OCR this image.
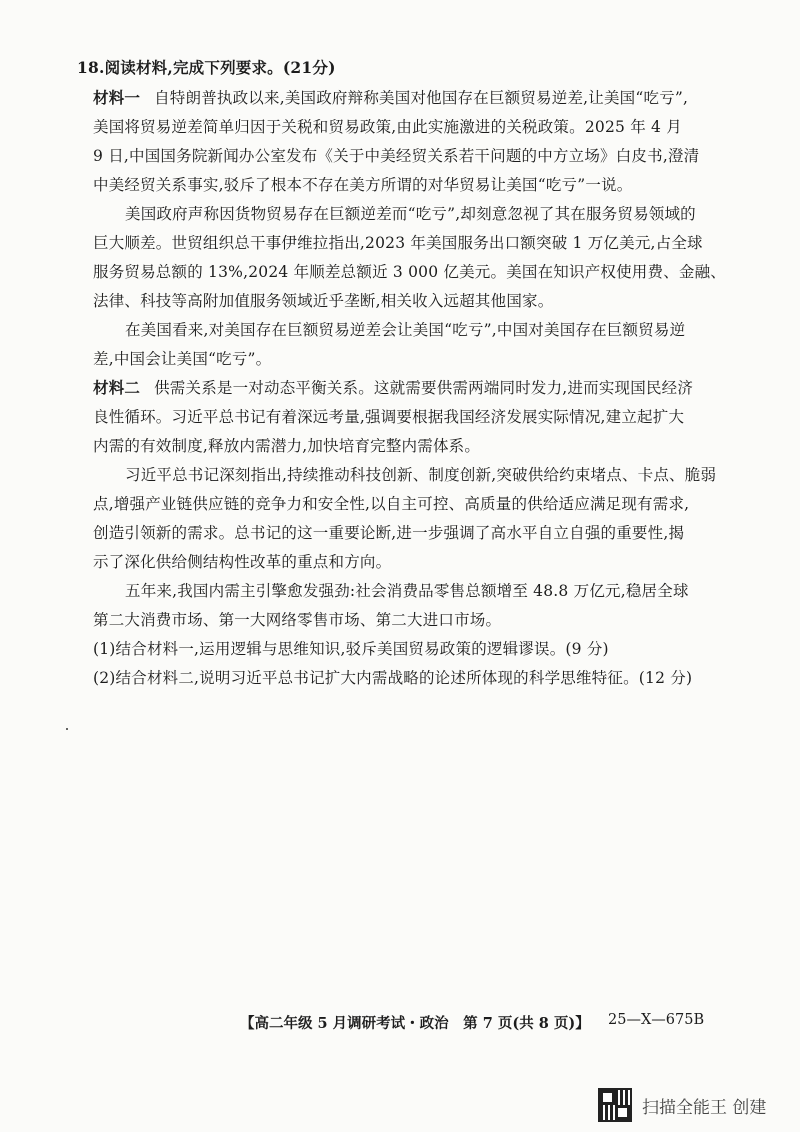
18.阅读材料,完成下列要求。(21分)
材料一 自特朗普执政以来,美国政府辩称美国对他国存在巨额贸易逆差,让美国“吃亏”,
美国将贸易逆差简单归因于关税和贸易政策,由此实施激进的关税政策。2025 年 4 月
9 日,中国国务院新闻办公室发布《关于中美经贸关系若干问题的中方立场》白皮书,澄清
中美经贸关系事实,驳斥了根本不存在美方所谓的对华贸易让美国“吃亏”一说。
美国政府声称因货物贸易存在巨额逆差而“吃亏”,却刻意忽视了其在服务贸易领域的
巨大顺差。世贸组织总干事伊维拉指出,2023 年美国服务出口额突破 1 万亿美元,占全球
服务贸易总额的 13%,2024 年顺差总额近 3 000 亿美元。美国在知识产权使用费、金融、
法律、科技等高附加值服务领域近乎垄断,相关收入远超其他国家。
在美国看来,对美国存在巨额贸易逆差会让美国“吃亏”,中国对美国存在巨额贸易逆
差,中国会让美国“吃亏”。
材料二 供需关系是一对动态平衡关系。这就需要供需两端同时发力,进而实现国民经济
良性循环。习近平总书记有着深远考量,强调要根据我国经济发展实际情况,建立起扩大
内需的有效制度,释放内需潜力,加快培育完整内需体系。
习近平总书记深刻指出,持续推动科技创新、制度创新,突破供给约束堵点、卡点、脆弱
点,增强产业链供应链的竞争力和安全性,以自主可控、高质量的供给适应满足现有需求,
创造引领新的需求。总书记的这一重要论断,进一步强调了高水平自立自强的重要性,揭
示了深化供给侧结构性改革的重点和方向。
五年来,我国内需主引擎愈发强劲:社会消费品零售总额增至 48.8 万亿元,稳居全球
第二大消费市场、第一大网络零售市场、第二大进口市场。
(1)结合材料一,运用逻辑与思维知识,驳斥美国贸易政策的逻辑谬误。(9 分)
(2)结合材料二,说明习近平总书记扩大内需战略的论述所体现的科学思维特征。(12 分)
【高二年级 5 月调研考试・政治　第 7 页(共 8 页)】 25—X—675B
扫描全能王 创建
